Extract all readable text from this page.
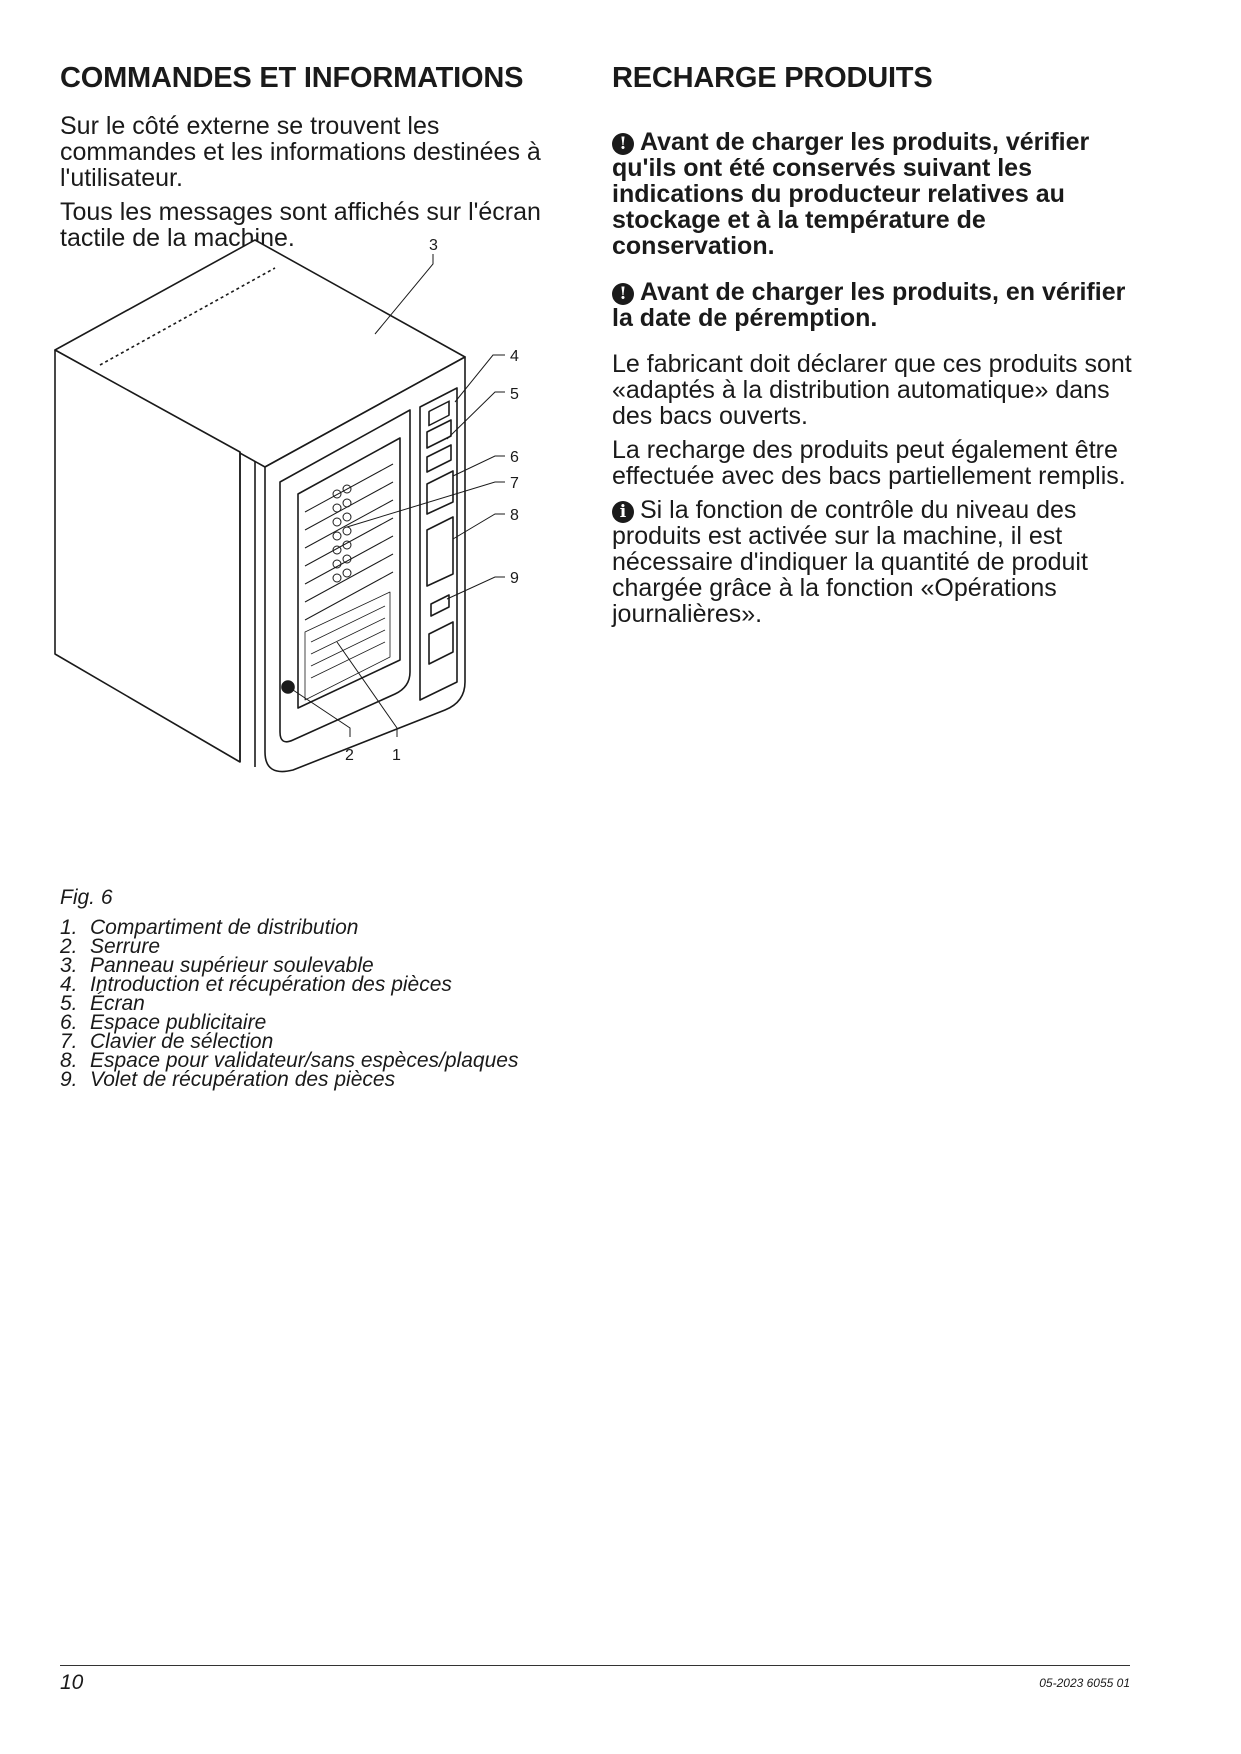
COMMANDES ET INFORMATIONS

Sur le côté externe se trouvent les commandes et les informations destinées à l'utilisateur.

Tous les messages sont affichés sur l'écran tactile de la machine.	3
4
5
6
7
8
9
2 1
Fig. 6
1. Compartiment de distribution
2. Serrure
3. Panneau supérieur soulevable
4. Introduction et récupération des pièces
5. Écran
6. Espace publicitaire
7. Clavier de sélection
8. Espace pour validateur/sans espèces/plaques
9. Volet de récupération des pièces
RECHARGE PRODUITS

! Avant de charger les produits, vérifier qu'ils ont été conservés suivant les indications du producteur relatives au stockage et à la température de conservation.

! Avant de charger les produits, en vérifier la date de péremption.

Le fabricant doit déclarer que ces produits sont «adaptés à la distribution automatique» dans des bacs ouverts.

La recharge des produits peut également être effectuée avec des bacs partiellement remplis.

i Si la fonction de contrôle du niveau des produits est activée sur la machine, il est nécessaire d'indiquer la quantité de produit chargée grâce à la fonction «Opérations journalières».

10	05-2023 6055 01
